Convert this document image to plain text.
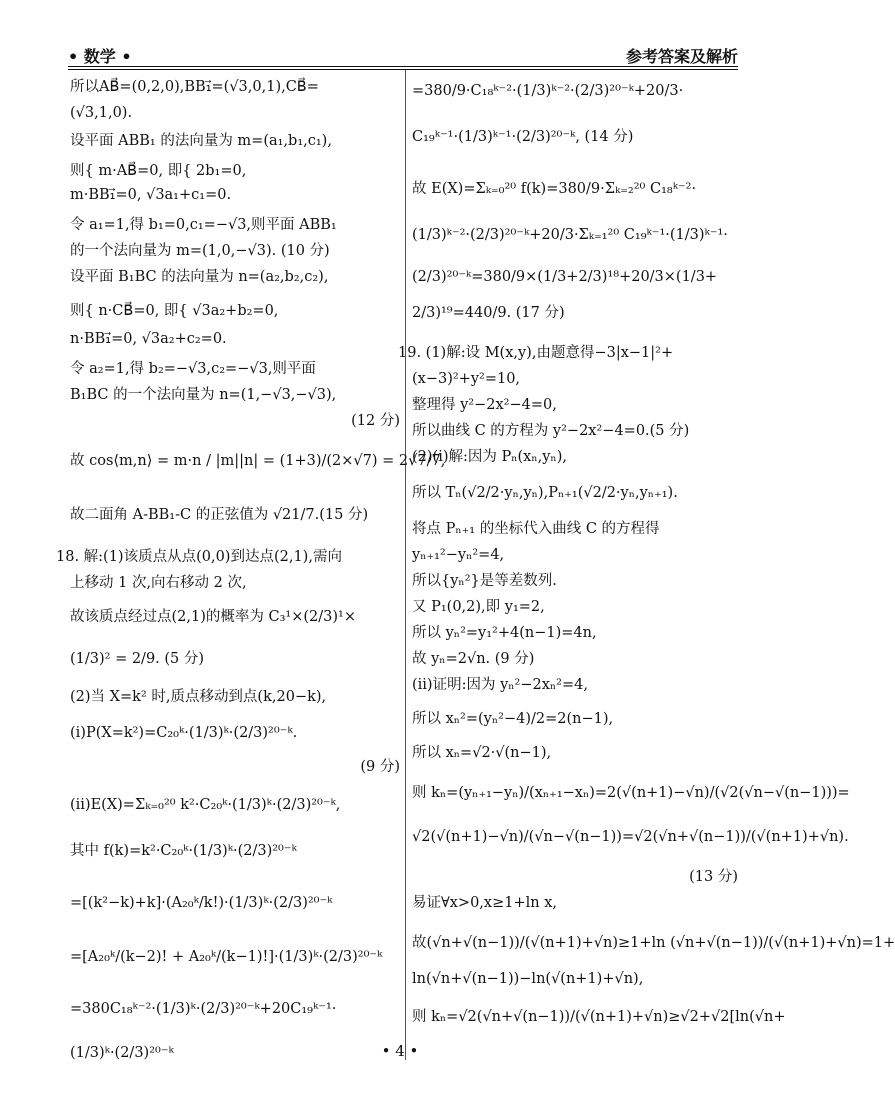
• 数学 •	参考答案及解析
所以AB⃗=(0,2,0),BB₁⃗=(√3,0,1),CB⃗=
(√3,1,0).
设平面 ABB₁ 的法向量为 m=(a₁,b₁,c₁),
则{ m·AB⃗=0, 即{ 2b₁=0,
m·BB₁⃗=0, √3a₁+c₁=0.
令 a₁=1,得 b₁=0,c₁=−√3,则平面 ABB₁
的一个法向量为 m=(1,0,−√3). (10 分)
设平面 B₁BC 的法向量为 n=(a₂,b₂,c₂),
则{ n·CB⃗=0, 即{ √3a₂+b₂=0,
n·BB₁⃗=0, √3a₂+c₂=0.
令 a₂=1,得 b₂=−√3,c₂=−√3,则平面
B₁BC 的一个法向量为 n=(1,−√3,−√3),
(12 分)
故 cos⟨m,n⟩ = m·n / |m||n| = (1+3)/(2×√7) = 2√7/7,
故二面角 A-BB₁-C 的正弦值为 √21/7.(15 分)
18. 解:(1)该质点从点(0,0)到达点(2,1),需向
上移动 1 次,向右移动 2 次,
故该质点经过点(2,1)的概率为 C₃¹×(2/3)¹×
(1/3)² = 2/9. (5 分)
(2)当 X=k² 时,质点移动到点(k,20−k),
(ⅰ)P(X=k²)=C₂₀ᵏ·(1/3)ᵏ·(2/3)²⁰⁻ᵏ.
(9 分)
(ⅱ)E(X)=Σₖ₌₀²⁰ k²·C₂₀ᵏ·(1/3)ᵏ·(2/3)²⁰⁻ᵏ,
其中 f(k)=k²·C₂₀ᵏ·(1/3)ᵏ·(2/3)²⁰⁻ᵏ
=[(k²−k)+k]·(A₂₀ᵏ/k!)·(1/3)ᵏ·(2/3)²⁰⁻ᵏ
=[A₂₀ᵏ/(k−2)! + A₂₀ᵏ/(k−1)!]·(1/3)ᵏ·(2/3)²⁰⁻ᵏ
=380C₁₈ᵏ⁻²·(1/3)ᵏ·(2/3)²⁰⁻ᵏ+20C₁₉ᵏ⁻¹·
(1/3)ᵏ·(2/3)²⁰⁻ᵏ
=380/9·C₁₈ᵏ⁻²·(1/3)ᵏ⁻²·(2/3)²⁰⁻ᵏ+20/3·
C₁₉ᵏ⁻¹·(1/3)ᵏ⁻¹·(2/3)²⁰⁻ᵏ, (14 分)
故 E(X)=Σₖ₌₀²⁰ f(k)=380/9·Σₖ₌₂²⁰ C₁₈ᵏ⁻²·
(1/3)ᵏ⁻²·(2/3)²⁰⁻ᵏ+20/3·Σₖ₌₁²⁰ C₁₉ᵏ⁻¹·(1/3)ᵏ⁻¹·
(2/3)²⁰⁻ᵏ=380/9×(1/3+2/3)¹⁸+20/3×(1/3+
2/3)¹⁹=440/9. (17 分)
19. (1)解:设 M(x,y),由题意得−3|x−1|²+
(x−3)²+y²=10,
整理得 y²−2x²−4=0,
所以曲线 C 的方程为 y²−2x²−4=0.(5 分)
(2)(ⅰ)解:因为 Pₙ(xₙ,yₙ),
所以 Tₙ(√2/2·yₙ,yₙ),Pₙ₊₁(√2/2·yₙ,yₙ₊₁).
将点 Pₙ₊₁ 的坐标代入曲线 C 的方程得
yₙ₊₁²−yₙ²=4,
所以{yₙ²}是等差数列.
又 P₁(0,2),即 y₁=2,
所以 yₙ²=y₁²+4(n−1)=4n,
故 yₙ=2√n. (9 分)
(ⅱ)证明:因为 yₙ²−2xₙ²=4,
所以 xₙ²=(yₙ²−4)/2=2(n−1),
所以 xₙ=√2·√(n−1),
则 kₙ=(yₙ₊₁−yₙ)/(xₙ₊₁−xₙ)=2(√(n+1)−√n)/(√2(√n−√(n−1)))=
√2(√(n+1)−√n)/(√n−√(n−1))=√2(√n+√(n−1))/(√(n+1)+√n).
(13 分)
易证∀x>0,x≥1+ln x,
故(√n+√(n−1))/(√(n+1)+√n)≥1+ln (√n+√(n−1))/(√(n+1)+√n)=1+
ln(√n+√(n−1))−ln(√(n+1)+√n),
则 kₙ=√2(√n+√(n−1))/(√(n+1)+√n)≥√2+√2[ln(√n+
• 4 •
